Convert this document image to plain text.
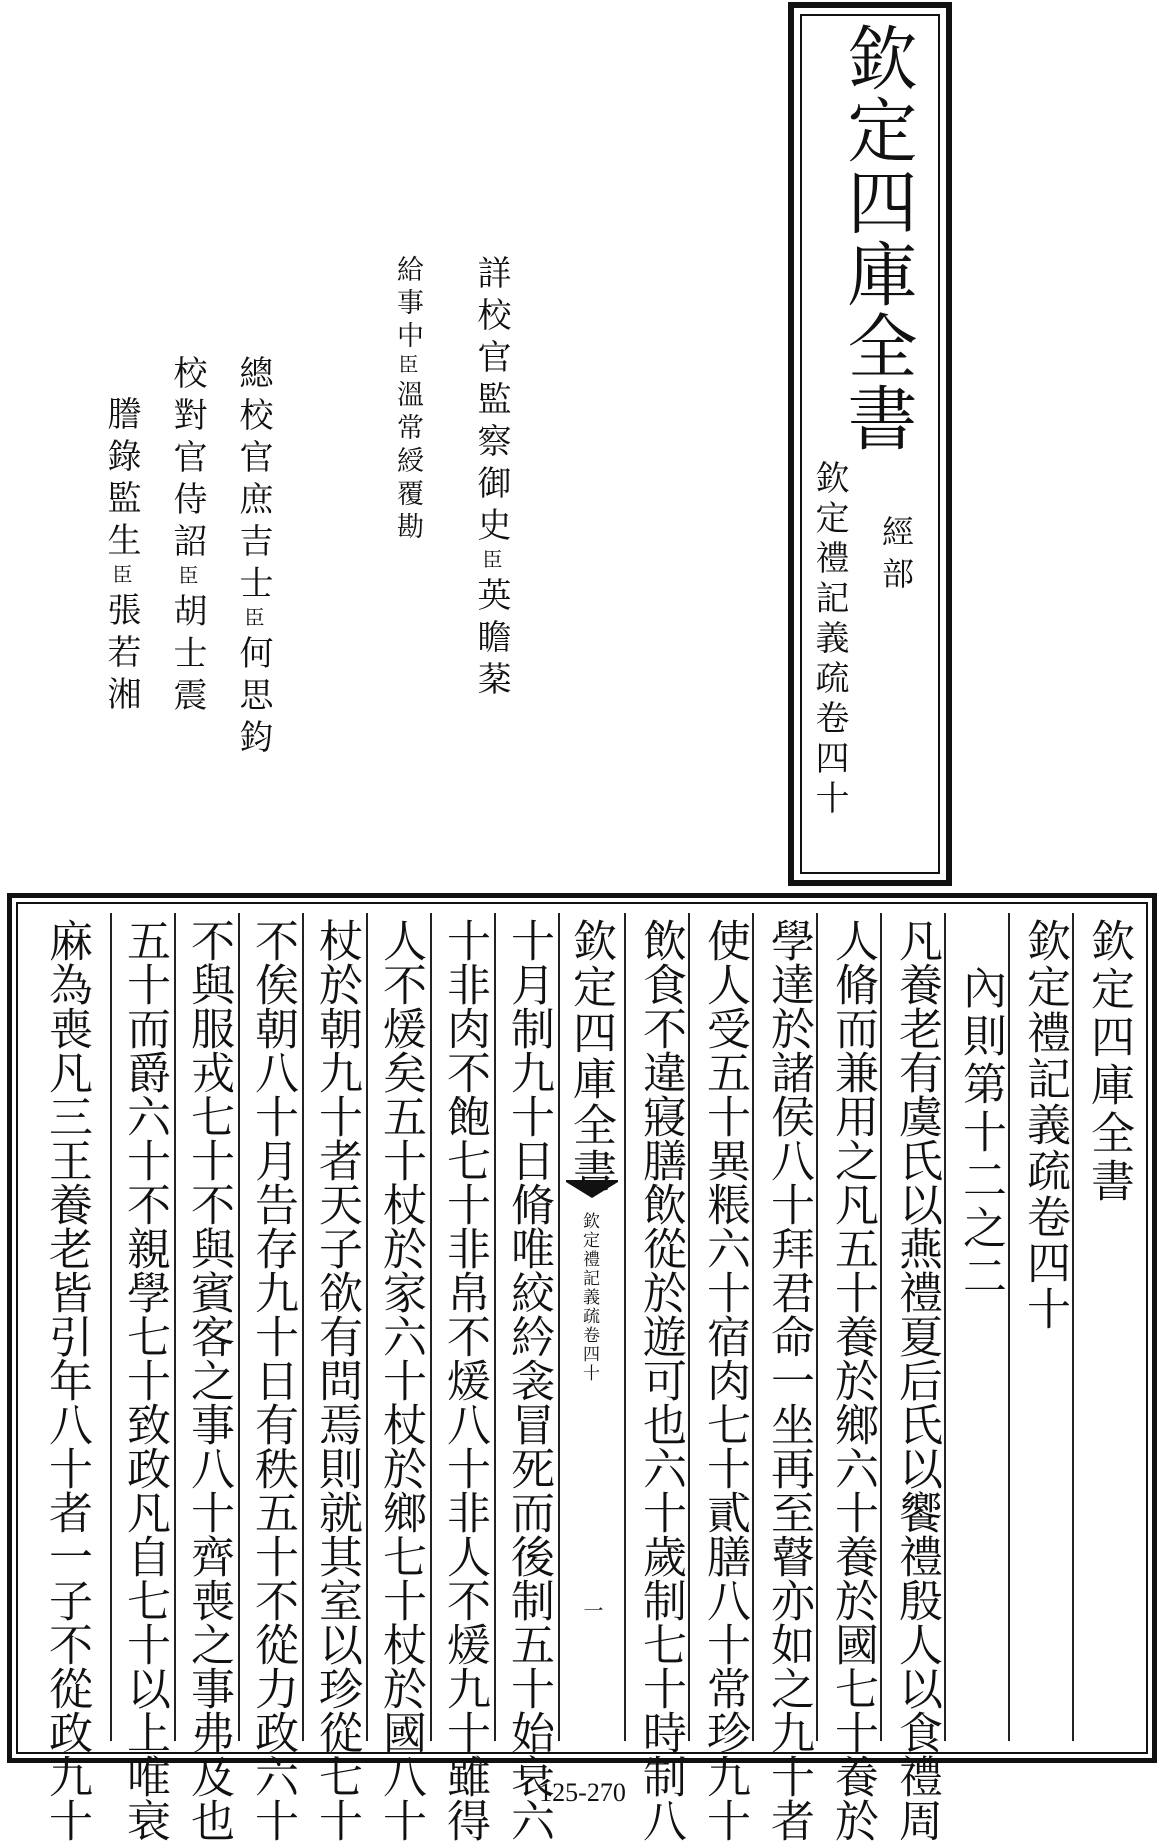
欽定四庫全書
經部
欽定禮記義疏卷四十
詳校官監察御史臣英瞻棻
給事中臣溫常綬覆勘
總校官庶吉士臣何思鈞
校對官侍詔臣胡士震
謄錄監生臣張若湘
欽定四庫全書
欽定禮記義疏卷四十
內則第十二之二
凡養老有虞氏以燕禮夏后氏以饗禮殷人以食禮周
人脩而兼用之凡五十養於鄉六十養於國七十養於
學達於諸侯八十拜君命一坐再至瞽亦如之九十者
使人受五十異粻六十宿肉七十貳膳八十常珍九十
飲食不違寢膳飲從於遊可也六十歲制七十時制八
欽定四庫全書
欽定禮記義疏卷四十
一
十月制九十日脩唯絞紟衾冒死而後制五十始衰六
十非肉不飽七十非帛不煖八十非人不煖九十雖得
人不煖矣五十杖於家六十杖於鄉七十杖於國八十
杖於朝九十者天子欲有問焉則就其室以珍從七十
不俟朝八十月告存九十日有秩五十不從力政六十
不與服戎七十不與賓客之事八十齊喪之事弗及也
五十而爵六十不親學七十致政凡自七十以上唯衰
麻為喪凡三王養老皆引年八十者一子不從政九十	125-270
